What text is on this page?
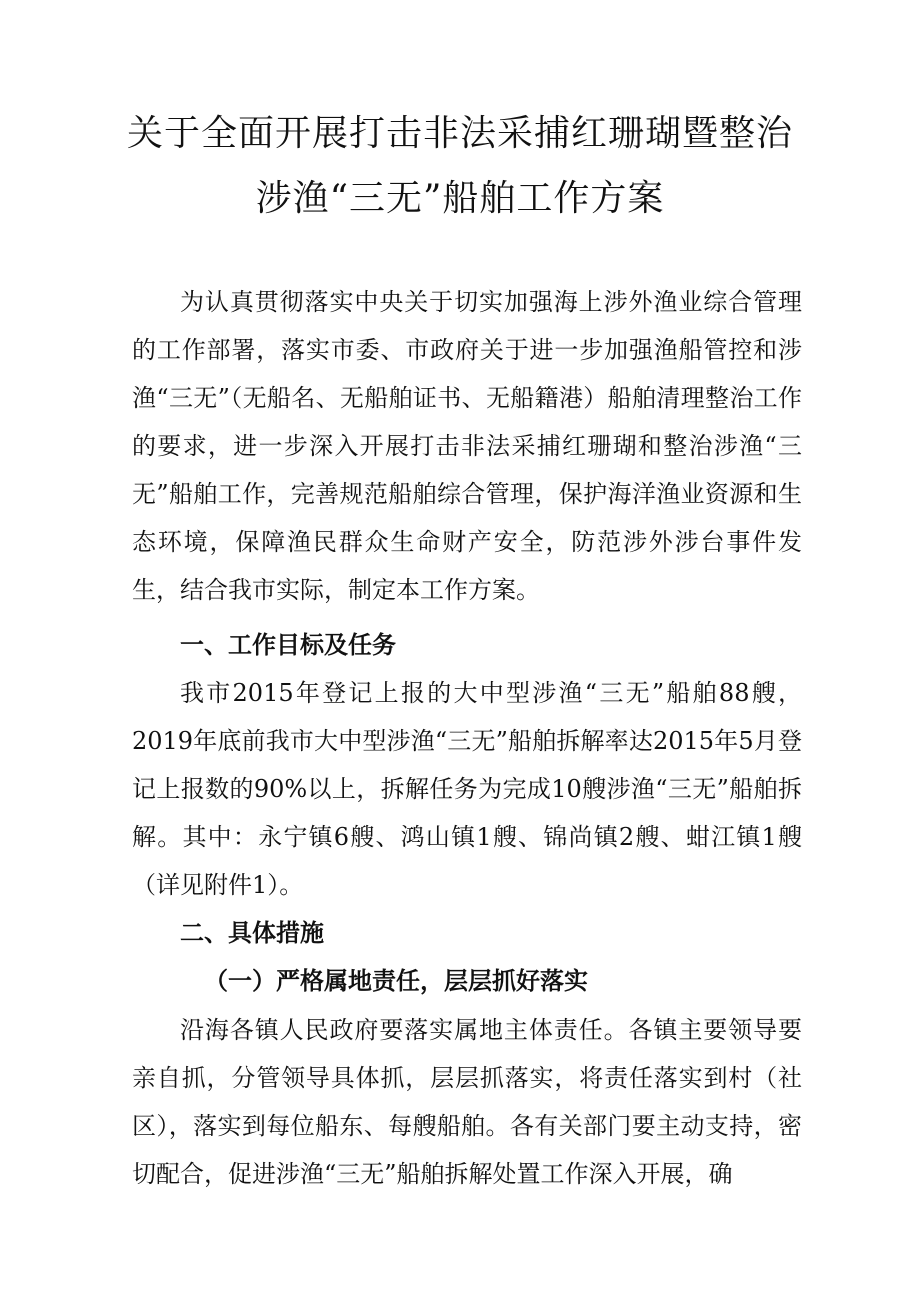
关于全面开展打击非法采捕红珊瑚暨整治
涉渔“三无”船舶工作方案

为认真贯彻落实中央关于切实加强海上涉外渔业综合管理的工作部署，落实市委、市政府关于进一步加强渔船管控和涉渔“三无”（无船名、无船舶证书、无船籍港）船舶清理整治工作的要求，进一步深入开展打击非法采捕红珊瑚和整治涉渔“三无”船舶工作，完善规范船舶综合管理，保护海洋渔业资源和生态环境，保障渔民群众生命财产安全，防范涉外涉台事件发生，结合我市实际，制定本工作方案。

一、工作目标及任务

我市2015年登记上报的大中型涉渔“三无”船舶88艘，2019年底前我市大中型涉渔“三无”船舶拆解率达2015年5月登记上报数的90%以上，拆解任务为完成10艘涉渔“三无”船舶拆解。其中：永宁镇6艘、鸿山镇1艘、锦尚镇2艘、蚶江镇1艘（详见附件1）。

二、具体措施

（一）严格属地责任，层层抓好落实

沿海各镇人民政府要落实属地主体责任。各镇主要领导要亲自抓，分管领导具体抓，层层抓落实，将责任落实到村（社区），落实到每位船东、每艘船舶。各有关部门要主动支持，密切配合，促进涉渔“三无”船舶拆解处置工作深入开展，确
